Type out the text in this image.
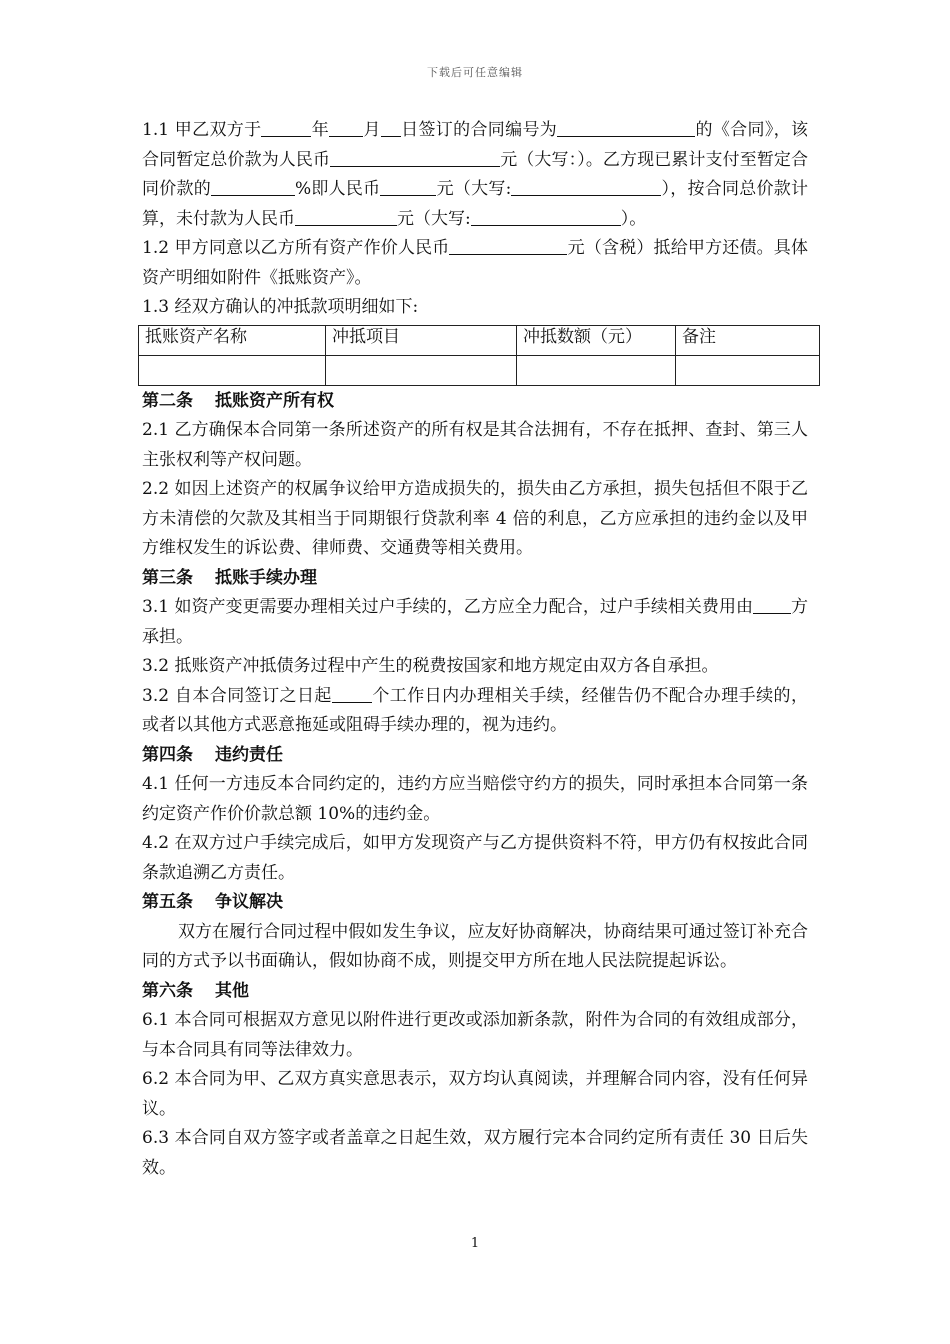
下载后可任意编辑

1.1 甲乙双方于	年 月 日签订的合同编号为	的《合同》，该合同暂定总价款为人民币	元（大写：）。乙方现已累计支付至暂定合同价款的	%即人民币	元（大写:	），按合同总价款计算，未付款为人民币	元（大写:	）。

1.2 甲方同意以乙方所有资产作价人民币	元（含税）抵给甲方还债。具体资产明细如附件《抵账资产》。

1.3 经双方确认的冲抵款项明细如下:

抵账资产名称	冲抵项目	冲抵数额（元）	备注

第二条 抵账资产所有权

2.1 乙方确保本合同第一条所述资产的所有权是其合法拥有，不存在抵押、查封、第三人主张权利等产权问题。

2.2 如因上述资产的权属争议给甲方造成损失的，损失由乙方承担，损失包括但不限于乙方未清偿的欠款及其相当于同期银行贷款利率 4 倍的利息，乙方应承担的违约金以及甲方维权发生的诉讼费、律师费、交通费等相关费用。

第三条 抵账手续办理

3.1 如资产变更需要办理相关过户手续的，乙方应全力配合，过户手续相关费用由 方承担。

3.2 抵账资产冲抵债务过程中产生的税费按国家和地方规定由双方各自承担。

3.2 自本合同签订之日起 个工作日内办理相关手续，经催告仍不配合办理手续的，或者以其他方式恶意拖延或阻碍手续办理的，视为违约。

第四条 违约责任

4.1 任何一方违反本合同约定的，违约方应当赔偿守约方的损失，同时承担本合同第一条约定资产作价价款总额 10%的违约金。

4.2 在双方过户手续完成后，如甲方发现资产与乙方提供资料不符，甲方仍有权按此合同条款追溯乙方责任。

第五条 争议解决

双方在履行合同过程中假如发生争议，应友好协商解决，协商结果可通过签订补充合同的方式予以书面确认，假如协商不成，则提交甲方所在地人民法院提起诉讼。

第六条 其他

6.1 本合同可根据双方意见以附件进行更改或添加新条款，附件为合同的有效组成部分，与本合同具有同等法律效力。

6.2 本合同为甲、乙双方真实意思表示，双方均认真阅读，并理解合同内容，没有任何异议。

6.3 本合同自双方签字或者盖章之日起生效，双方履行完本合同约定所有责任 30 日后失效。

1
